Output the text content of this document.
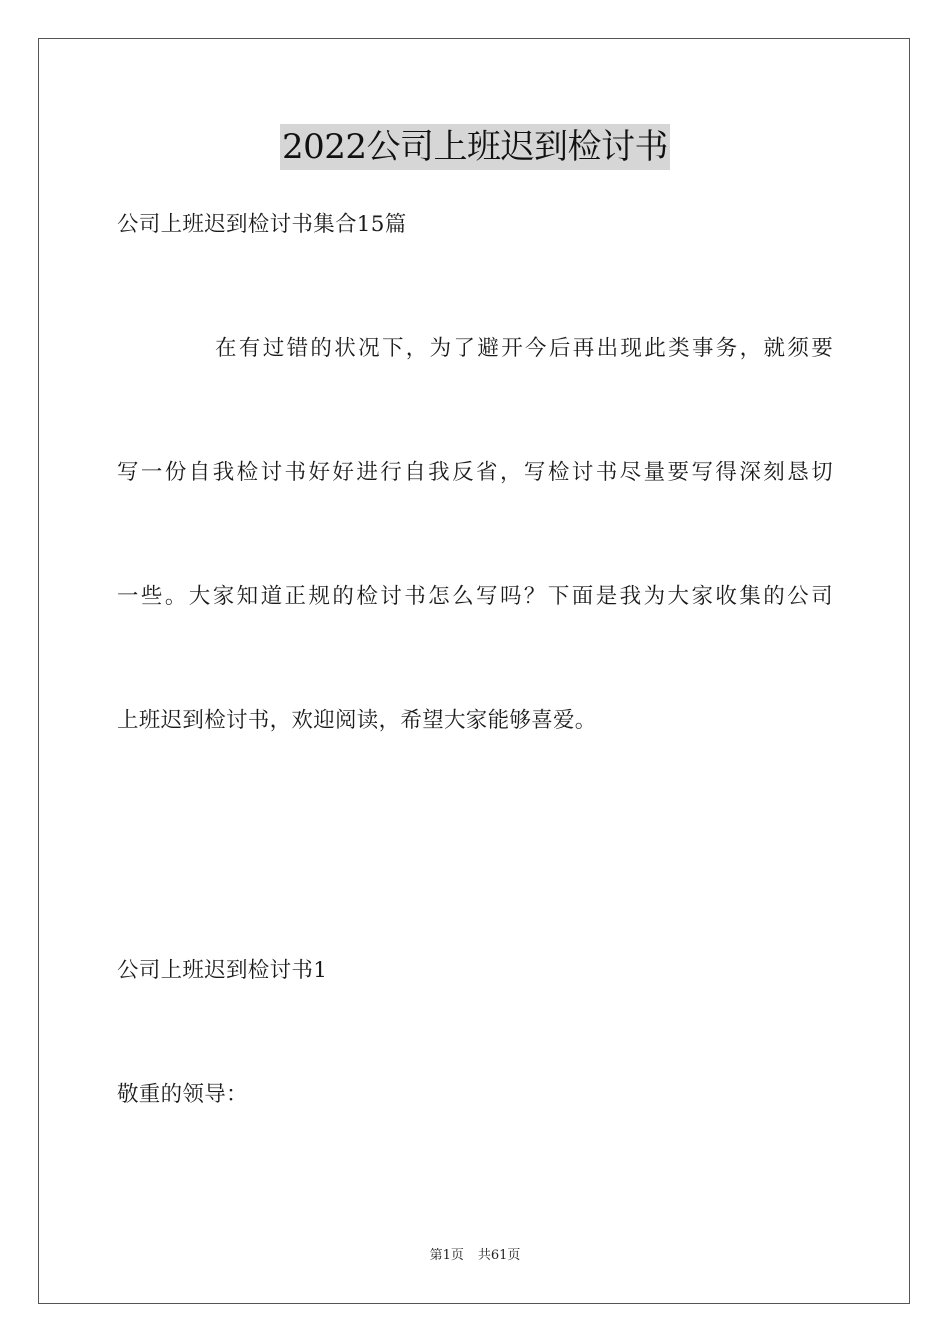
2022公司上班迟到检讨书
公司上班迟到检讨书集合15篇
在有过错的状况下，为了避开今后再出现此类事务，就须要
写一份自我检讨书好好进行自我反省，写检讨书尽量要写得深刻恳切
一些。大家知道正规的检讨书怎么写吗？下面是我为大家收集的公司
上班迟到检讨书，欢迎阅读，希望大家能够喜爱。
公司上班迟到检讨书1
敬重的领导：
第1页 共61页
